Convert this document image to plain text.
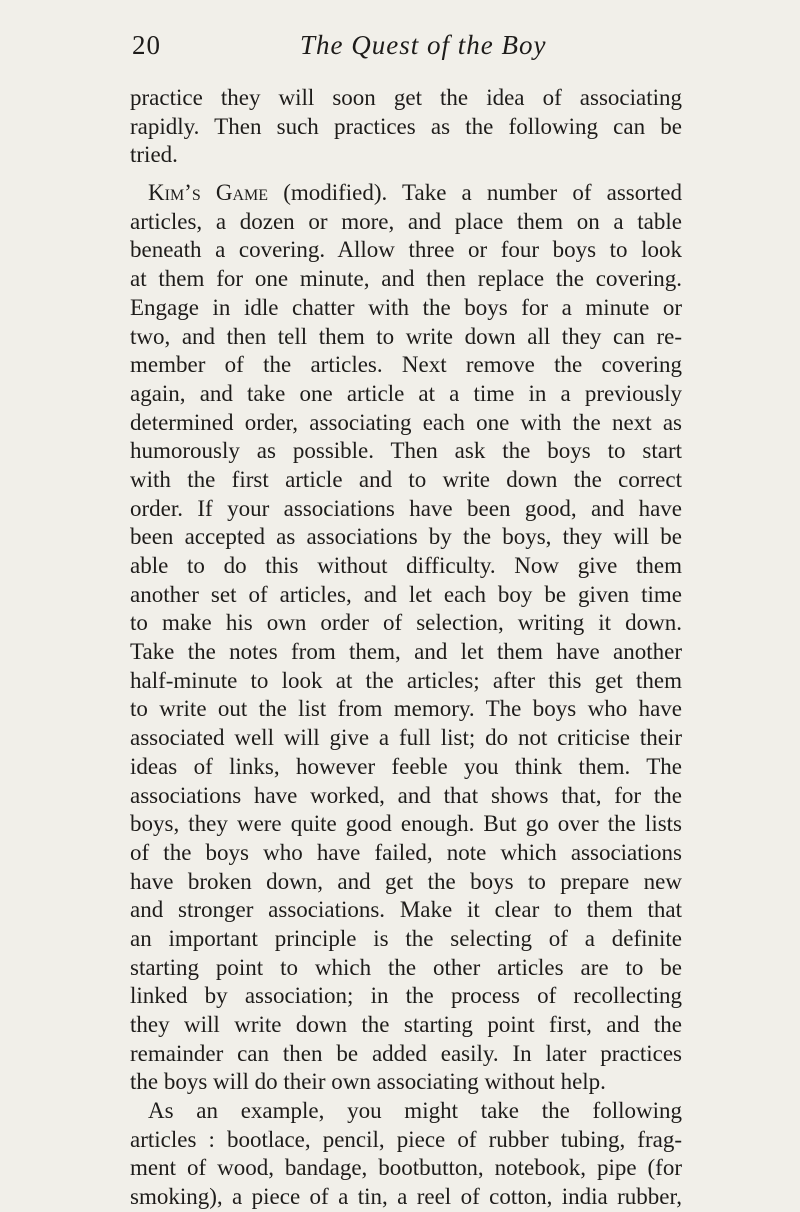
20	The Quest of the Boy
practice they will soon get the idea of associating
rapidly. Then such practices as the following can be
tried.
Kim’s Game (modified). Take a number of assorted
articles, a dozen or more, and place them on a table
beneath a covering. Allow three or four boys to look
at them for one minute, and then replace the covering.
Engage in idle chatter with the boys for a minute or
two, and then tell them to write down all they can re-
member of the articles. Next remove the covering
again, and take one article at a time in a previously
determined order, associating each one with the next as
humorously as possible. Then ask the boys to start
with the first article and to write down the correct
order. If your associations have been good, and have
been accepted as associations by the boys, they will be
able to do this without difficulty. Now give them
another set of articles, and let each boy be given time
to make his own order of selection, writing it down.
Take the notes from them, and let them have another
half-minute to look at the articles; after this get them
to write out the list from memory. The boys who have
associated well will give a full list; do not criticise their
ideas of links, however feeble you think them. The
associations have worked, and that shows that, for the
boys, they were quite good enough. But go over the lists
of the boys who have failed, note which associations
have broken down, and get the boys to prepare new
and stronger associations. Make it clear to them that
an important principle is the selecting of a definite
starting point to which the other articles are to be
linked by association; in the process of recollecting
they will write down the starting point first, and the
remainder can then be added easily. In later practices
the boys will do their own associating without help.
As an example, you might take the following
articles : bootlace, pencil, piece of rubber tubing, frag-
ment of wood, bandage, bootbutton, notebook, pipe (for
smoking), a piece of a tin, a reel of cotton, india rubber,
